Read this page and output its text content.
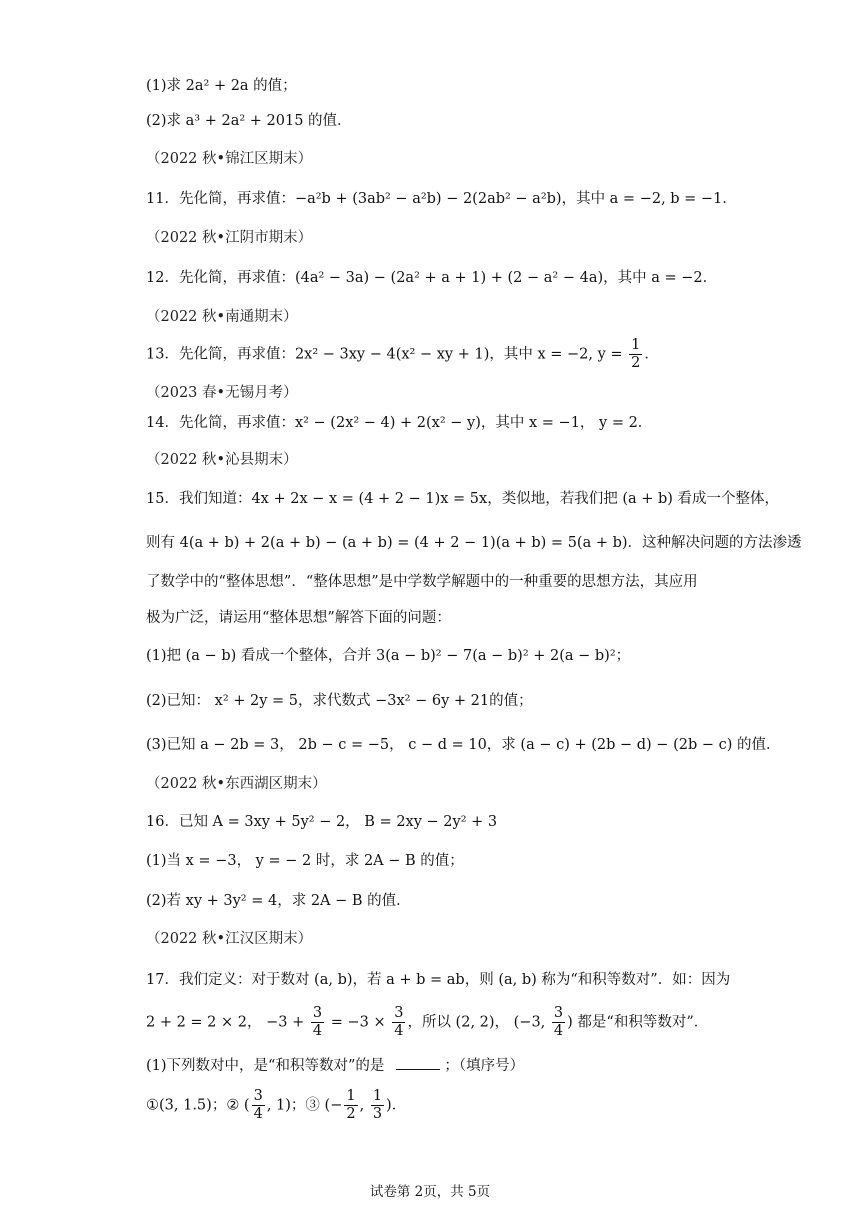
(1)求 2a² + 2a 的值；
(2)求 a³ + 2a² + 2015 的值．
（2022 秋•锦江区期末）
11．先化简，再求值：−a²b + (3ab² − a²b) − 2(2ab² − a²b)，其中 a = −2, b = −1．
（2022 秋•江阴市期末）
12．先化简，再求值：(4a² − 3a) − (2a² + a + 1) + (2 − a² − 4a)，其中 a = −2．
（2022 秋•南通期末）
13．先化简，再求值：2x² − 3xy − 4(x² − xy + 1)，其中 x = −2, $y = \frac{1}{2}$ ．
（2023 春•无锡月考）
14．先化简，再求值：x² − (2x² − 4) + 2(x² − y)，其中 x = −1， y = 2．
（2022 秋•沁县期末）
15．我们知道：4x + 2x − x = (4 + 2 − 1)x = 5x，类似地，若我们把 (a + b) 看成一个整体，
则有 4(a + b) + 2(a + b) − (a + b) = (4 + 2 − 1)(a + b) = 5(a + b)．这种解决问题的方法渗透
了数学中的“整体思想”．“整体思想”是中学数学解题中的一种重要的思想方法，其应用
极为广泛，请运用“整体思想”解答下面的问题：
(1)把 (a − b) 看成一个整体，合并 3(a − b)² − 7(a − b)² + 2(a − b)²；
(2)已知： x² + 2y = 5，求代数式 −3x² − 6y + 21的值；
(3)已知 a − 2b = 3， 2b − c = −5， c − d = 10，求 (a − c) + (2b − d) − (2b − c) 的值．
（2022 秋•东西湖区期末）
16．已知 A = 3xy + 5y² − 2， B = 2xy − 2y² + 3
(1)当 x = −3， y = − 2 时，求 2A − B 的值；
(2)若 xy + 3y² = 4，求 2A − B 的值．
（2022 秋•江汉区期末）
17．我们定义：对于数对 (a, b)，若 a + b = ab，则 (a, b) 称为“和积等数对”．如：因为
2 + 2 = 2 × 2， $-3 + \frac{3}{4} = -3 \times \frac{3}{4}$ ，所以 (2, 2)， (−3, $\frac{3}{4}$ ) 都是“和积等数对”．
(1)下列数对中，是“和积等数对”的是	；（填序号）
①(3, 1.5)；② ( $\frac{3}{4}$ , 1)；③ (− $\frac{1}{2}$ , $\frac{1}{3}$ )．
试卷第 2页，共 5页
